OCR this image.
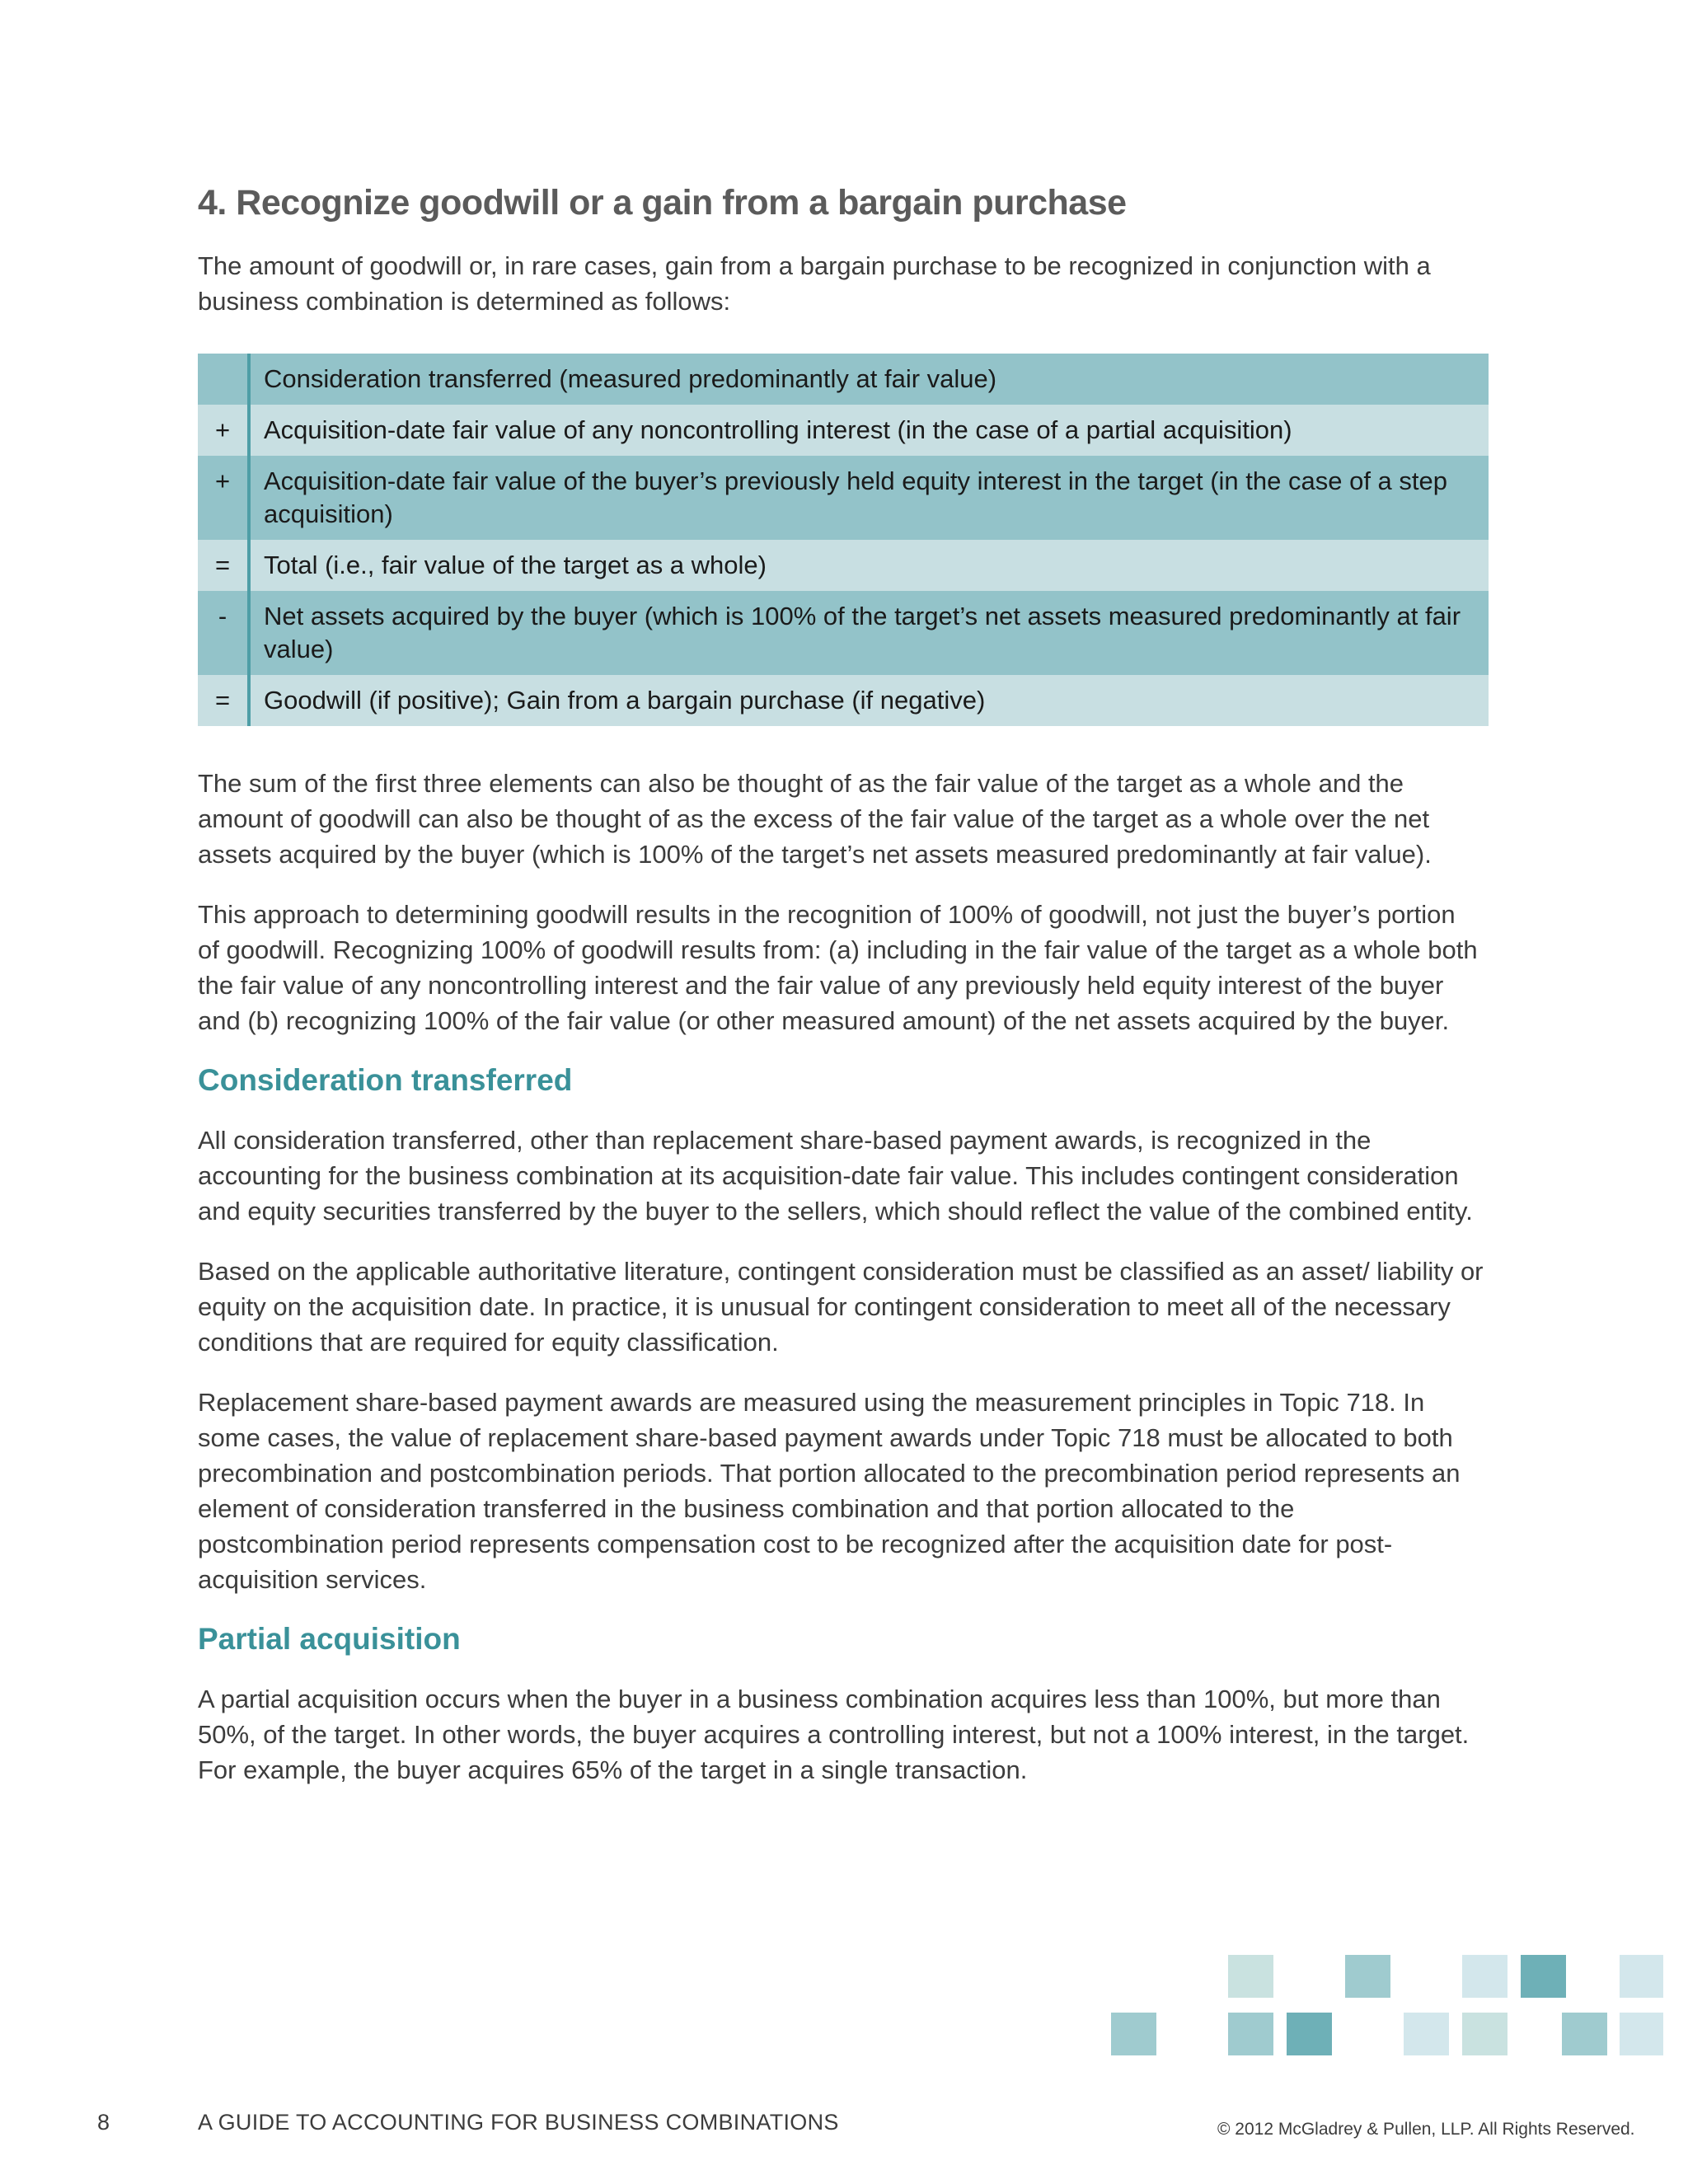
4. Recognize goodwill or a gain from a bargain purchase

The amount of goodwill or, in rare cases, gain from a bargain purchase to be recognized in conjunction with a business combination is determined as follows:

	Consideration transferred (measured predominantly at fair value)
+	Acquisition-date fair value of any noncontrolling interest (in the case of a partial acquisition)
+	Acquisition-date fair value of the buyer’s previously held equity interest in the target (in the case of a step acquisition)
=	Total (i.e., fair value of the target as a whole)
-	Net assets acquired by the buyer (which is 100% of the target’s net assets measured predominantly at fair value)
=	Goodwill (if positive); Gain from a bargain purchase (if negative)

The sum of the first three elements can also be thought of as the fair value of the target as a whole and the amount of goodwill can also be thought of as the excess of the fair value of the target as a whole over the net assets acquired by the buyer (which is 100% of the target’s net assets measured predominantly at fair value).

This approach to determining goodwill results in the recognition of 100% of goodwill, not just the buyer’s portion of goodwill. Recognizing 100% of goodwill results from: (a) including in the fair value of the target as a whole both the fair value of any noncontrolling interest and the fair value of any previously held equity interest of the buyer and (b) recognizing 100% of the fair value (or other measured amount) of the net assets acquired by the buyer.

Consideration transferred

All consideration transferred, other than replacement share-based payment awards, is recognized in the accounting for the business combination at its acquisition-date fair value. This includes contingent consideration and equity securities transferred by the buyer to the sellers, which should reflect the value of the combined entity.

Based on the applicable authoritative literature, contingent consideration must be classified as an asset/ liability or equity on the acquisition date. In practice, it is unusual for contingent consideration to meet all of the necessary conditions that are required for equity classification.

Replacement share-based payment awards are measured using the measurement principles in Topic 718. In some cases, the value of replacement share-based payment awards under Topic 718 must be allocated to both precombination and postcombination periods. That portion allocated to the precombination period represents an element of consideration transferred in the business combination and that portion allocated to the postcombination period represents compensation cost to be recognized after the acquisition date for post-acquisition services.

Partial acquisition

A partial acquisition occurs when the buyer in a business combination acquires less than 100%, but more than 50%, of the target. In other words, the buyer acquires a controlling interest, but not a 100% interest, in the target. For example, the buyer acquires 65% of the target in a single transaction.

8	A GUIDE TO ACCOUNTING FOR BUSINESS COMBINATIONS	© 2012 McGladrey & Pullen, LLP. All Rights Reserved.
